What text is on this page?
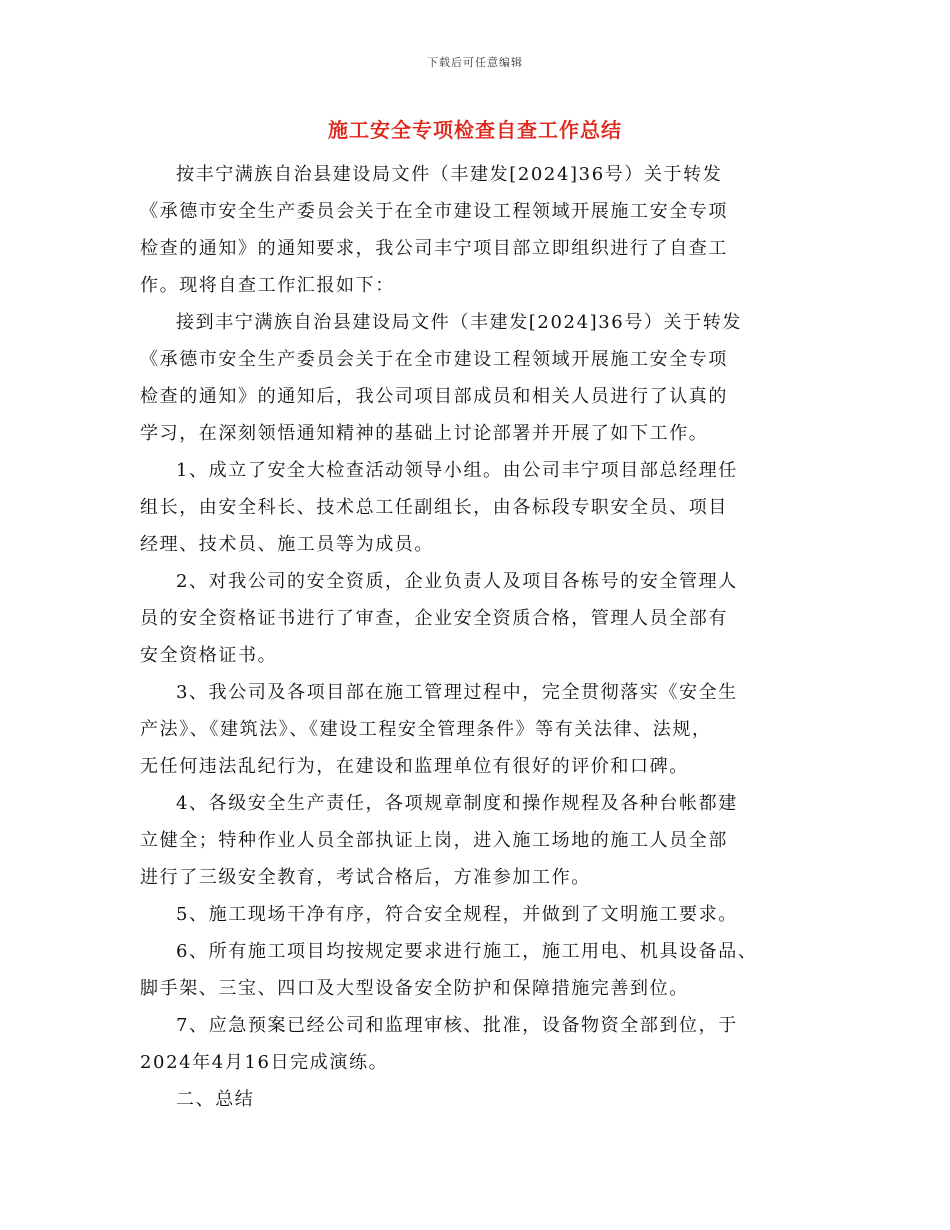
下载后可任意编辑
施工安全专项检查自查工作总结

按丰宁满族自治县建设局文件（丰建发[2024]36号）关于转发
《承德市安全生产委员会关于在全市建设工程领域开展施工安全专项
检查的通知》的通知要求，我公司丰宁项目部立即组织进行了自查工
作。现将自查工作汇报如下：

接到丰宁满族自治县建设局文件（丰建发[2024]36号）关于转发
《承德市安全生产委员会关于在全市建设工程领域开展施工安全专项
检查的通知》的通知后，我公司项目部成员和相关人员进行了认真的
学习，在深刻领悟通知精神的基础上讨论部署并开展了如下工作。

1、成立了安全大检查活动领导小组。由公司丰宁项目部总经理任
组长，由安全科长、技术总工任副组长，由各标段专职安全员、项目
经理、技术员、施工员等为成员。

2、对我公司的安全资质，企业负责人及项目各栋号的安全管理人
员的安全资格证书进行了审查，企业安全资质合格，管理人员全部有
安全资格证书。

3、我公司及各项目部在施工管理过程中，完全贯彻落实《安全生
产法》、《建筑法》、《建设工程安全管理条件》等有关法律、法规，
无任何违法乱纪行为，在建设和监理单位有很好的评价和口碑。

4、各级安全生产责任，各项规章制度和操作规程及各种台帐都建
立健全；特种作业人员全部执证上岗，进入施工场地的施工人员全部
进行了三级安全教育，考试合格后，方准参加工作。

5、施工现场干净有序，符合安全规程，并做到了文明施工要求。

6、所有施工项目均按规定要求进行施工，施工用电、机具设备品、
脚手架、三宝、四口及大型设备安全防护和保障措施完善到位。

7、应急预案已经公司和监理审核、批准，设备物资全部到位，于
2024年4月16日完成演练。

二、总结
